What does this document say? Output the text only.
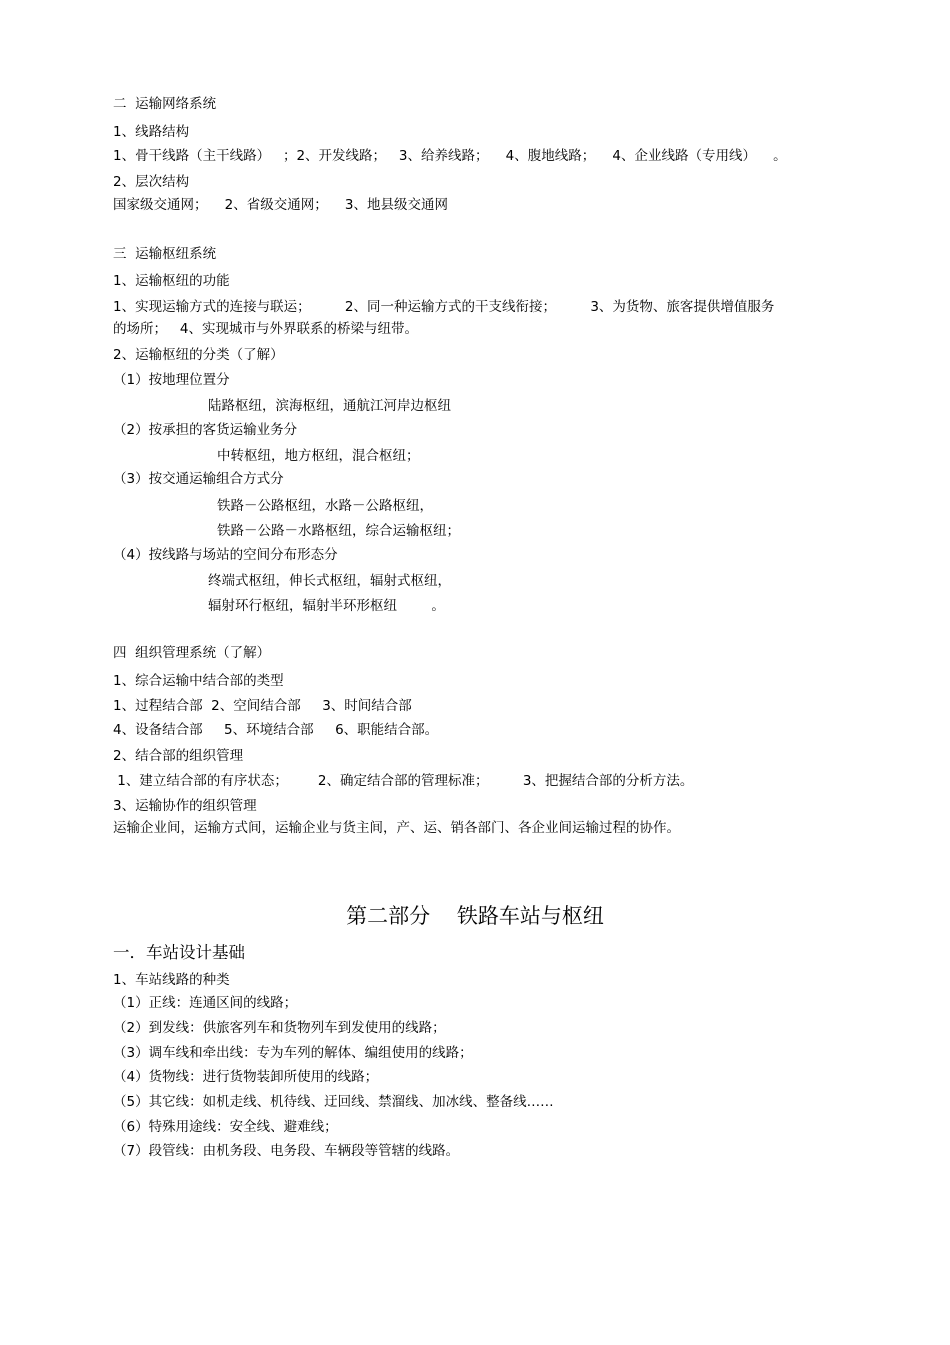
二  运输网络系统

1、线路结构

1、骨干线路（主干线路）   ；2、开发线路；   3、给养线路；    4、腹地线路；    4、企业线路（专用线）    。

2、层次结构

国家级交通网；    2、省级交通网；    3、地县级交通网

三  运输枢纽系统

1、运输枢纽的功能

1、实现运输方式的连接与联运；        2、同一种运输方式的干支线衔接；        3、为货物、旅客提供增值服务

的场所；   4、实现城市与外界联系的桥梁与纽带。

2、运输枢纽的分类（了解）

（1）按地理位置分

陆路枢纽，滨海枢纽，通航江河岸边枢纽

（2）按承担的客货运输业务分

中转枢纽，地方枢纽，混合枢纽；

（3）按交通运输组合方式分

铁路－公路枢纽，水路－公路枢纽，

铁路－公路－水路枢纽，综合运输枢纽；

（4）按线路与场站的空间分布形态分

终端式枢纽，伸长式枢纽，辐射式枢纽，

辐射环行枢纽，辐射半环形枢纽        。

四  组织管理系统（了解）

1、综合运输中结合部的类型

1、过程结合部  2、空间结合部     3、时间结合部

4、设备结合部     5、环境结合部     6、职能结合部。

2、结合部的组织管理

1、建立结合部的有序状态；       2、确定结合部的管理标准；        3、把握结合部的分析方法。

3、运输协作的组织管理

运输企业间，运输方式间，运输企业与货主间，产、运、销各部门、各企业间运输过程的协作。

第二部分    铁路车站与枢纽
一．车站设计基础

1、车站线路的种类

（1）正线：连通区间的线路；

（2）到发线：供旅客列车和货物列车到发使用的线路；

（3）调车线和牵出线：专为车列的解体、编组使用的线路；

（4）货物线：进行货物装卸所使用的线路；

（5）其它线：如机走线、机待线、迂回线、禁溜线、加冰线、整备线……

（6）特殊用途线：安全线、避难线；

（7）段管线：由机务段、电务段、车辆段等管辖的线路。
